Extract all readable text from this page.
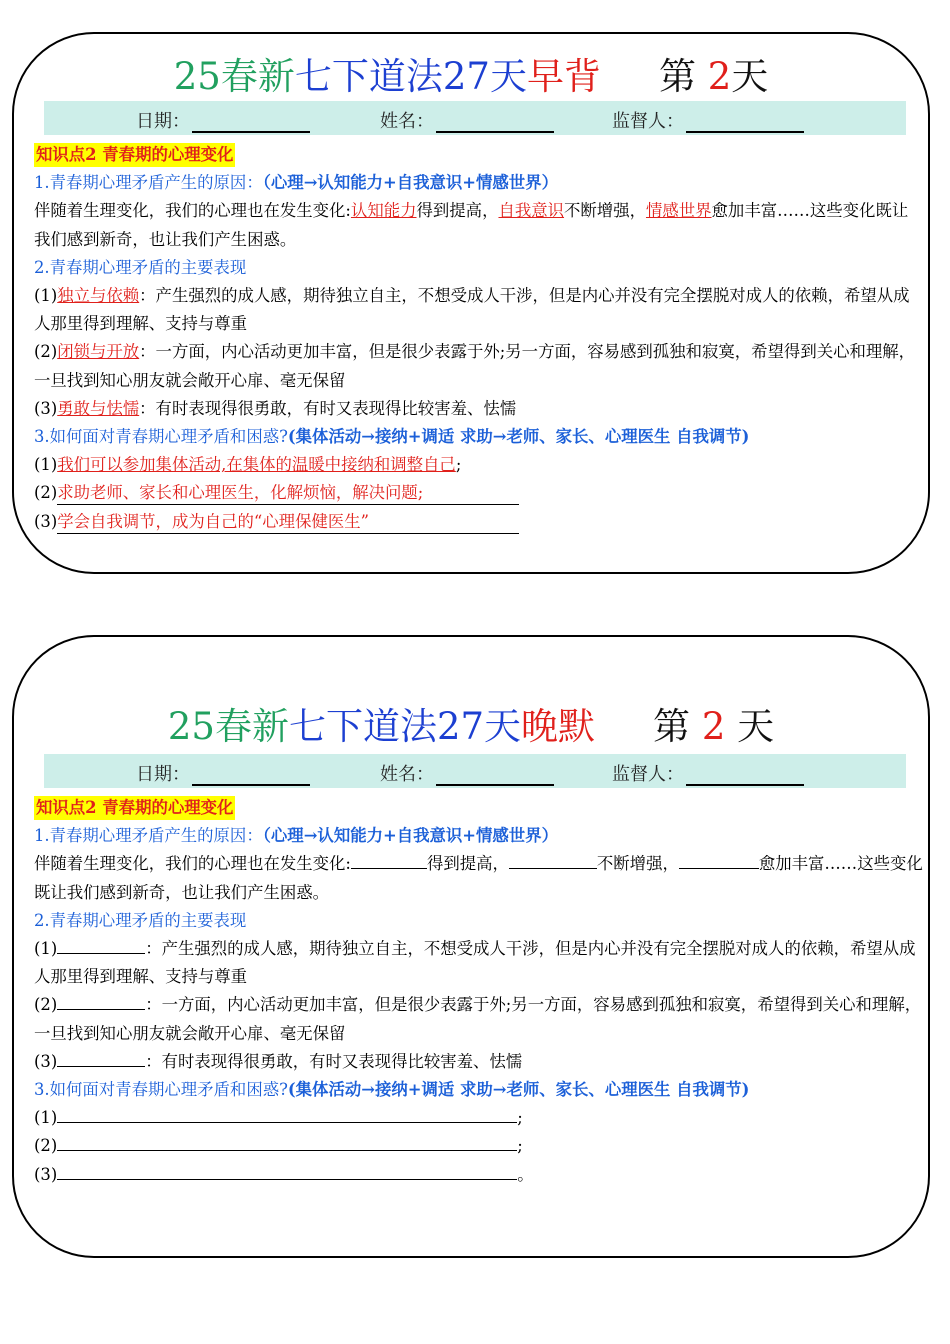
25春新七下道法27天早背 第 2天
日期：	姓名：	监督人：

知识点2 青春期的心理变化

1.青春期心理矛盾产生的原因：（心理→认知能力+自我意识+情感世界）

伴随着生理变化，我们的心理也在发生变化:认知能力得到提高，自我意识不断增强，情感世界愈加丰富……这些变化既让我们感到新奇，也让我们产生困惑。

2.青春期心理矛盾的主要表现

(1)独立与依赖：产生强烈的成人感，期待独立自主，不想受成人干涉，但是内心并没有完全摆脱对成人的依赖，希望从成人那里得到理解、支持与尊重

(2)闭锁与开放：一方面，内心活动更加丰富，但是很少表露于外;另一方面，容易感到孤独和寂寞，希望得到关心和理解，一旦找到知心朋友就会敞开心扉、毫无保留

(3)勇敢与怯懦：有时表现得很勇敢，有时又表现得比较害羞、怯懦

3.如何面对青春期心理矛盾和困惑?(集体活动→接纳+调适 求助→老师、家长、心理医生 自我调节)

(1)我们可以参加集体活动,在集体的温暖中接纳和调整自己;

(2)求助老师、家长和心理医生，化解烦恼，解决问题;

(3)学会自我调节，成为自己的“心理保健医生”

25春新七下道法27天晚默 第 2 天
日期：	姓名：	监督人：

知识点2 青春期的心理变化

1.青春期心理矛盾产生的原因：（心理→认知能力+自我意识+情感世界）

伴随着生理变化，我们的心理也在发生变化:	得到提高，	不断增强，	愈加丰富……这些变化既让我们感到新奇，也让我们产生困惑。

2.青春期心理矛盾的主要表现

(1)	：产生强烈的成人感，期待独立自主，不想受成人干涉，但是内心并没有完全摆脱对成人的依赖，希望从成人那里得到理解、支持与尊重

(2)	：一方面，内心活动更加丰富，但是很少表露于外;另一方面，容易感到孤独和寂寞，希望得到关心和理解，一旦找到知心朋友就会敞开心扉、毫无保留

(3)	：有时表现得很勇敢，有时又表现得比较害羞、怯懦

3.如何面对青春期心理矛盾和困惑?(集体活动→接纳+调适 求助→老师、家长、心理医生 自我调节)

(1)	;

(2)	;

(3)	。
